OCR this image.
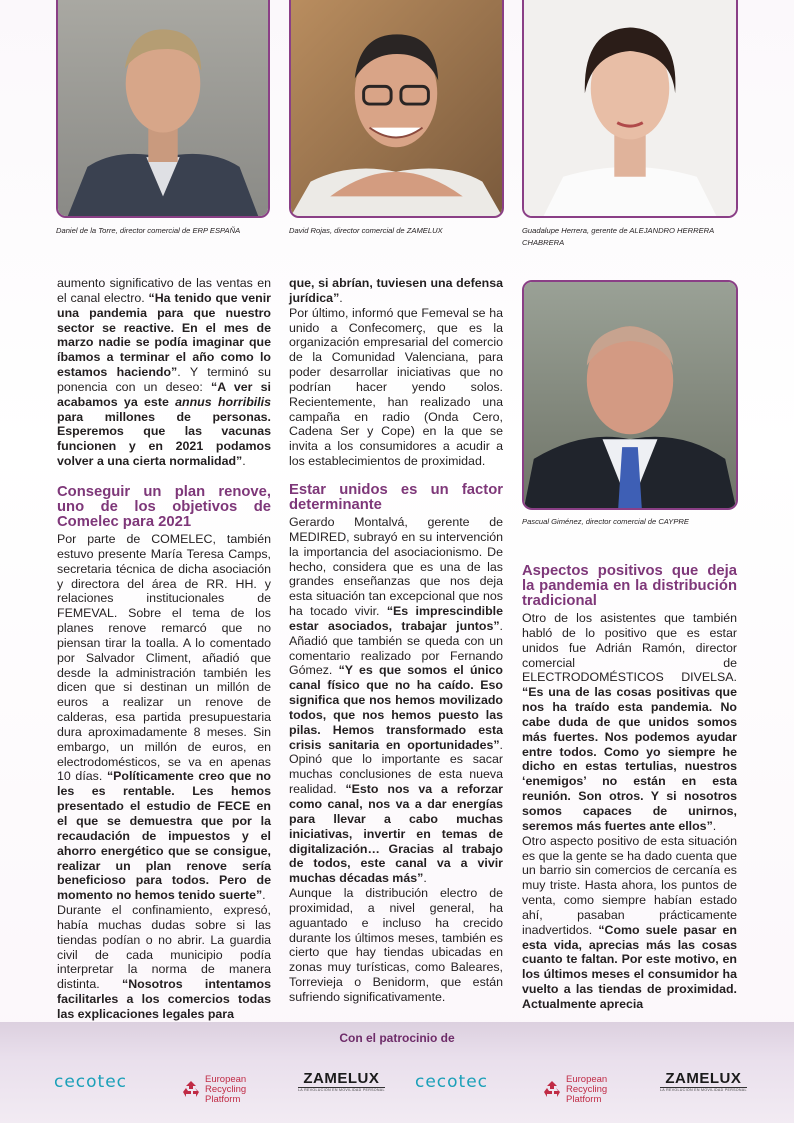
Daniel de la Torre, director comercial de ERP ESPAÑA	David Rojas, director comercial de ZAMELUX	Guadalupe Herrera, gerente de ALEJANDRO HERRERA CHABRERA

Pascual Giménez, director comercial de CAYPRE

aumento significativo de las ventas en el canal electro. “Ha tenido que venir una pandemia para que nuestro sector se reactive. En el mes de marzo nadie se podía imaginar que íbamos a terminar el año como lo estamos haciendo”. Y terminó su ponencia con un deseo: “A ver si acabamos ya este annus horribilis para millones de personas. Esperemos que las vacunas funcionen y en 2021 podamos volver a una cierta normalidad”.

Conseguir un plan renove, uno de los objetivos de Comelec para 2021

Por parte de COMELEC, también estuvo presente María Teresa Camps, secretaria técnica de dicha asociación y directora del área de RR. HH. y relaciones institucionales de FEMEVAL. Sobre el tema de los planes renove remarcó que no piensan tirar la toalla. A lo comentado por Salvador Climent, añadió que desde la administración también les dicen que si destinan un millón de euros a realizar un renove de calderas, esa partida presupuestaria dura aproximadamente 8 meses. Sin embargo, un millón de euros, en electrodomésticos, se va en apenas 10 días. “Políticamente creo que no les es rentable. Les hemos presentado el estudio de FECE en el que se demuestra que por la recaudación de impuestos y el ahorro energético que se consigue, realizar un plan renove sería beneficioso para todos. Pero de momento no hemos tenido suerte”.

Durante el confinamiento, expresó, había muchas dudas sobre si las tiendas podían o no abrir. La guardia civil de cada municipio podía interpretar la norma de manera distinta. “Nosotros intentamos facilitarles a los comercios todas las explicaciones legales para

que, si abrían, tuviesen una defensa jurídica”.

Por último, informó que Femeval se ha unido a Confecomerç, que es la organización empresarial del comercio de la Comunidad Valenciana, para poder desarrollar iniciativas que no podrían hacer yendo solos. Recientemente, han realizado una campaña en radio (Onda Cero, Cadena Ser y Cope) en la que se invita a los consumidores a acudir a los establecimientos de proximidad.

Estar unidos es un factor determinante

Gerardo Montalvá, gerente de MEDIRED, subrayó en su intervención la importancia del asociacionismo. De hecho, considera que es una de las grandes enseñanzas que nos deja esta situación tan excepcional que nos ha tocado vivir. “Es imprescindible estar asociados, trabajar juntos”. Añadió que también se queda con un comentario realizado por Fernando Gómez. “Y es que somos el único canal físico que no ha caído. Eso significa que nos hemos movilizado todos, que nos hemos puesto las pilas. Hemos transformado esta crisis sanitaria en oportunidades”. Opinó que lo importante es sacar muchas conclusiones de esta nueva realidad. “Esto nos va a reforzar como canal, nos va a dar energías para llevar a cabo muchas iniciativas, invertir en temas de digitalización… Gracias al trabajo de todos, este canal va a vivir muchas décadas más”.

Aunque la distribución electro de proximidad, a nivel general, ha aguantado e incluso ha crecido durante los últimos meses, también es cierto que hay tiendas ubicadas en zonas muy turísticas, como Baleares, Torrevieja o Benidorm, que están sufriendo significativamente.

Aspectos positivos que deja la pandemia en la distribución tradicional

Otro de los asistentes que también habló de lo positivo que es estar unidos fue Adrián Ramón, director comercial de ELECTRODOMÉSTICOS DIVELSA. “Es una de las cosas positivas que nos ha traído esta pandemia. No cabe duda de que unidos somos más fuertes. Nos podemos ayudar entre todos. Como yo siempre he dicho en estas tertulias, nuestros ‘enemigos’ no están en esta reunión. Son otros. Y si nosotros somos capaces de unirnos, seremos más fuertes ante ellos”.

Otro aspecto positivo de esta situación es que la gente se ha dado cuenta que un barrio sin comercios de cercanía es muy triste. Hasta ahora, los puntos de venta, como siempre habían estado ahí, pasaban prácticamente inadvertidos. “Como suele pasar en esta vida, aprecias más las cosas cuanto te faltan. Por este motivo, en los últimos meses el consumidor ha vuelto a las tiendas de proximidad. Actualmente aprecia

Con el patrocinio de
cecotec	European
Recycling
Platform
ZAMELUX
LA REVOLUCIÓN EN MOVILIDAD PERSONAL cecotec	European
Recycling
Platform
ZAMELUX
LA REVOLUCIÓN EN MOVILIDAD PERSONAL
